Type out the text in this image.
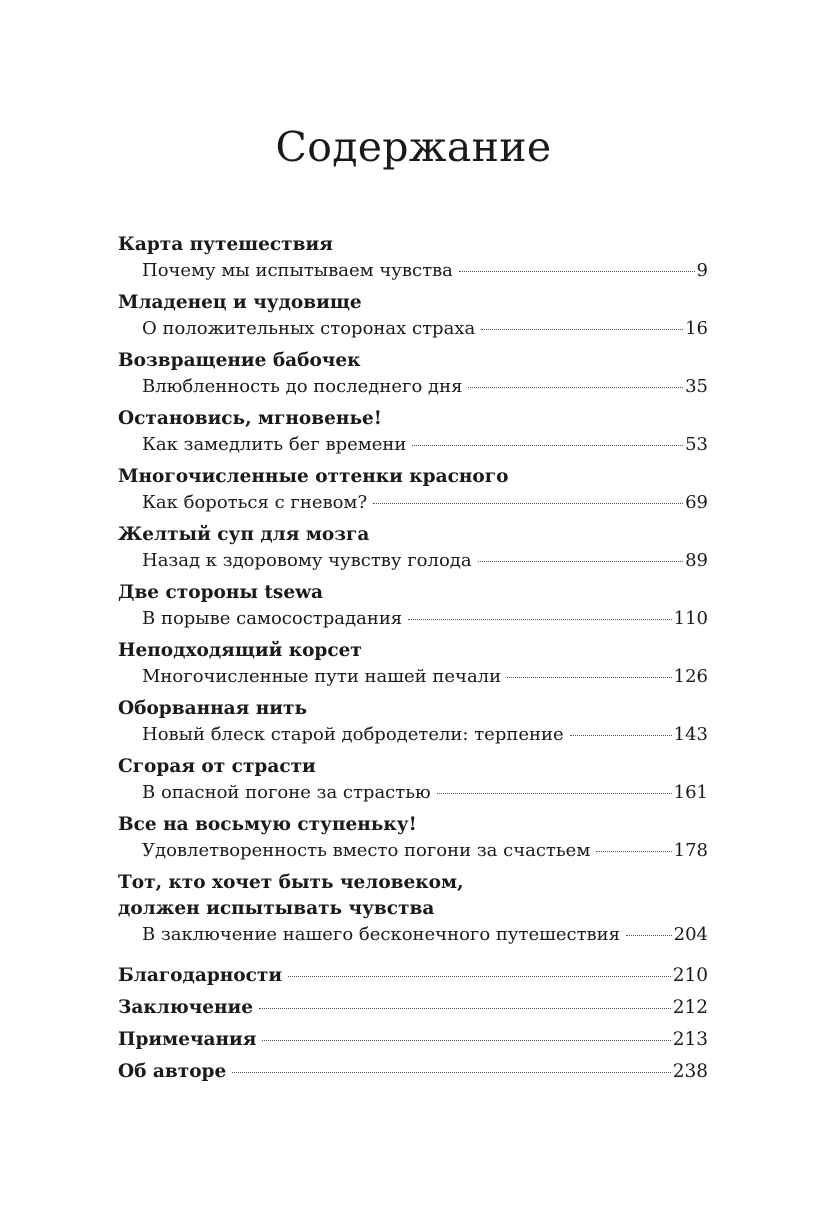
Содержание
Карта путешествия
Почему мы испытываем чувства	9
Младенец и чудовище
О положительных сторонах страха	16
Возвращение бабочек
Влюбленность до последнего дня	35
Остановись, мгновенье!
Как замедлить бег времени	53
Многочисленные оттенки красного
Как бороться с гневом?	69
Желтый суп для мозга
Назад к здоровому чувству голода	89
Две стороны tsewa
В порыве самосострадания	110
Неподходящий корсет
Многочисленные пути нашей печали	126
Оборванная нить
Новый блеск старой добродетели: терпение	143
Сгорая от страсти
В опасной погоне за страстью	161
Все на восьмую ступеньку!
Удовлетворенность вместо погони за счастьем	178
Тот, кто хочет быть человеком,
должен испытывать чувства
В заключение нашего бесконечного путешествия	204
Благодарности	210
Заключение	212
Примечания	213
Об авторе	238
